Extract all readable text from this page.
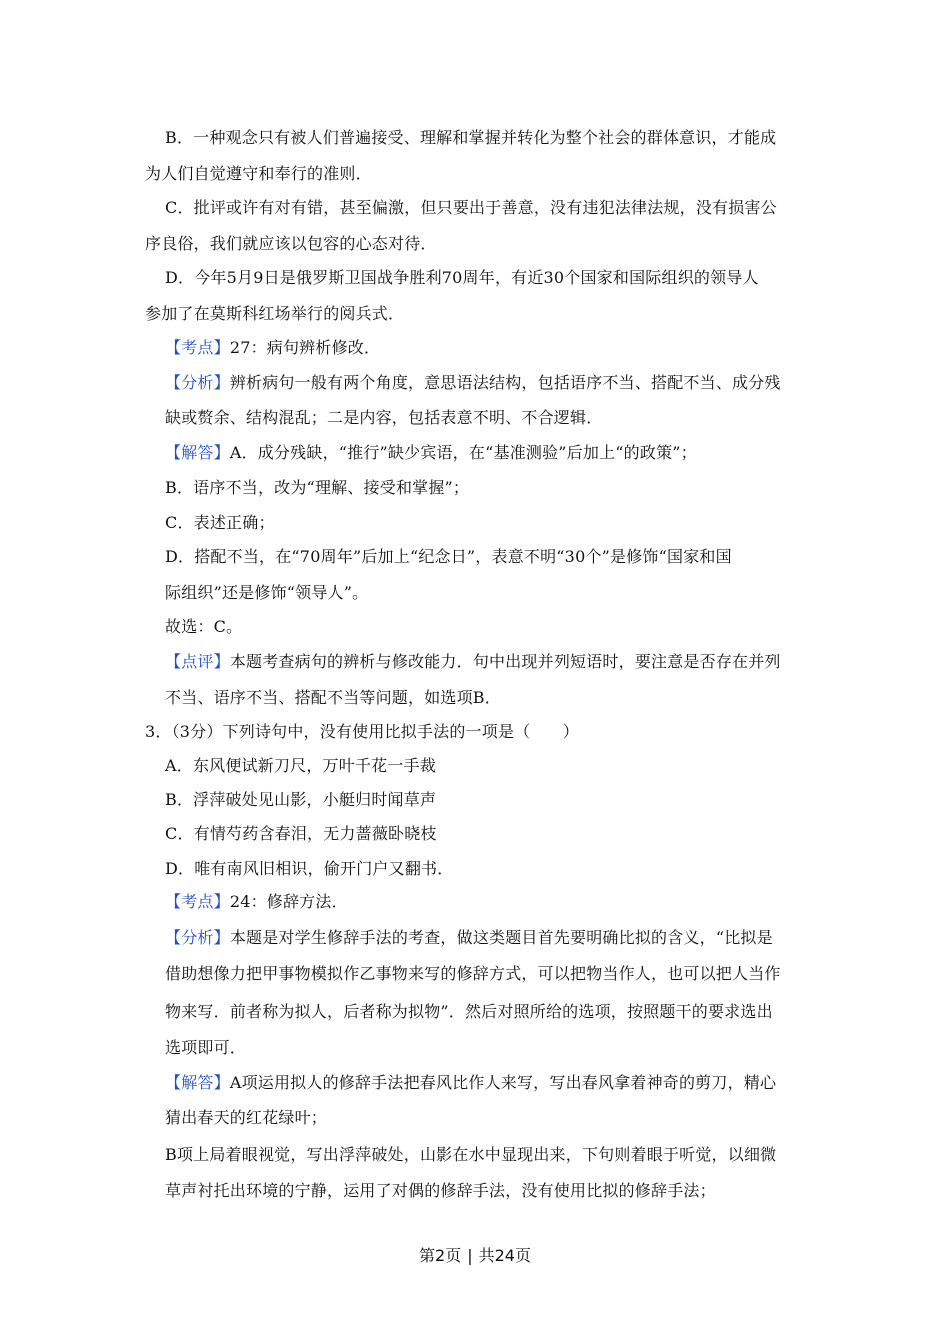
B．一种观念只有被人们普遍接受、理解和掌握并转化为整个社会的群体意识，才能成
为人们自觉遵守和奉行的准则．
C．批评或许有对有错，甚至偏激，但只要出于善意，没有违犯法律法规，没有损害公
序良俗，我们就应该以包容的心态对待．
D．今年5月9日是俄罗斯卫国战争胜利70周年，有近30个国家和国际组织的领导人
参加了在莫斯科红场举行的阅兵式．
【考点】27：病句辨析修改．
【分析】辨析病句一般有两个角度，意思语法结构，包括语序不当、搭配不当、成分残
缺或赘余、结构混乱；二是内容，包括表意不明、不合逻辑．
【解答】A．成分残缺，“推行”缺少宾语，在“基准测验”后加上“的政策”；
B．语序不当，改为“理解、接受和掌握”；
C．表述正确；
D．搭配不当，在“70周年”后加上“纪念日”，表意不明“30个”是修饰“国家和国
际组织”还是修饰“领导人”。
故选：C。
【点评】本题考查病句的辨析与修改能力．句中出现并列短语时，要注意是否存在并列
不当、语序不当、搭配不当等问题，如选项B．
3．（3分）下列诗句中，没有使用比拟手法的一项是（　　）
A．东风便试新刀尺，万叶千花一手裁
B．浮萍破处见山影，小艇归时闻草声
C．有情芍药含春泪，无力蔷薇卧晓枝
D．唯有南风旧相识，偷开门户又翻书．
【考点】24：修辞方法．
【分析】本题是对学生修辞手法的考查，做这类题目首先要明确比拟的含义，“比拟是
借助想像力把甲事物模拟作乙事物来写的修辞方式，可以把物当作人，也可以把人当作
物来写．前者称为拟人，后者称为拟物”．然后对照所给的选项，按照题干的要求选出
选项即可．
【解答】A项运用拟人的修辞手法把春风比作人来写，写出春风拿着神奇的剪刀，精心
猜出春天的红花绿叶；
B项上局着眼视觉，写出浮萍破处，山影在水中显现出来，下句则着眼于听觉，以细微
草声衬托出环境的宁静，运用了对偶的修辞手法，没有使用比拟的修辞手法；
第2页 | 共24页
